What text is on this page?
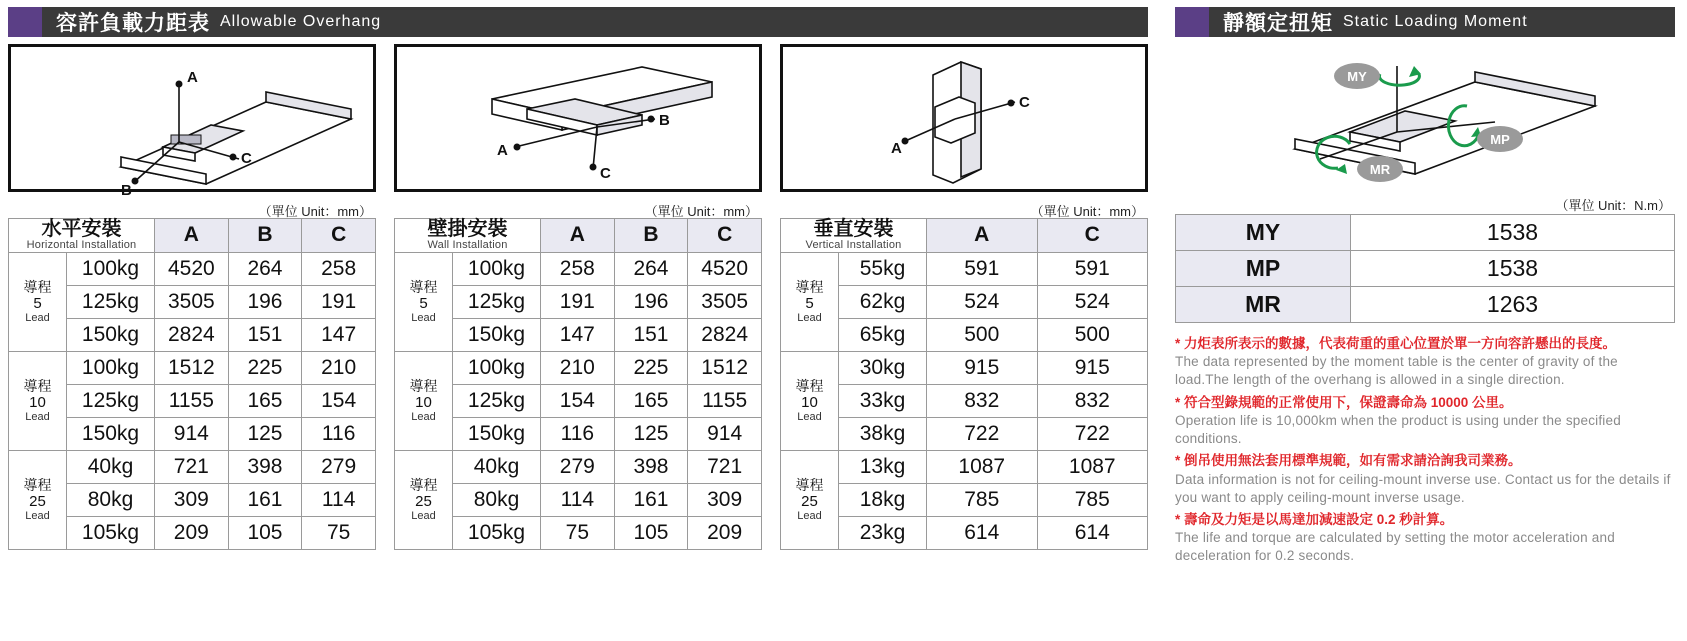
容許負載力距表 Allowable Overhang
A
C
B
A
B
C
A
C
（單位 Unit：mm）	（單位 Unit：mm）	（單位 Unit：mm）
水平安裝
Horizontal Installation		A	B	C

導程
5
Lead	100kg	4520	264	258
	125kg	3505	196	191
	150kg	2824	151	147

導程
10
Lead	100kg	1512	225	210
	125kg	1155	165	154
	150kg	914	125	116

導程
25
Lead	40kg	721	398	279
	80kg	309	161	114
	105kg	209	105	75
壁掛安裝
Wall Installation		A	B	C

導程
5
Lead	100kg	258	264	4520
	125kg	191	196	3505
	150kg	147	151	2824

導程
10
Lead	100kg	210	225	1512
	125kg	154	165	1155
	150kg	116	125	914

導程
25
Lead	40kg	279	398	721
	80kg	114	161	309
	105kg	75	105	209
垂直安裝
Vertical Installation		A	C

導程
5
Lead	55kg	591	591
	62kg	524	524
	65kg	500	500

導程
10
Lead	30kg	915	915
	33kg	832	832
	38kg	722	722

導程
25
Lead	13kg	1087	1087
	18kg	785	785
	23kg	614	614
靜額定扭矩 Static Loading Moment
MY
MP
MR
（單位 Unit：N.m）
MY	1538
MP	1538
MR	1263
* 力炬表所表示的數據，代表荷重的重心位置於單一方向容許懸出的長度。
The data represented by the moment table is the center of gravity of the load.The length of the overhang is allowed in a single direction.
* 符合型錄規範的正常使用下，保證壽命為 10000 公里。
Operation life is 10,000km when the product is using under the specified conditions.
* 倒吊使用無法套用標準規範，如有需求請洽詢我司業務。
Data information is not for ceiling-mount inverse use. Contact us for the details if you want to apply ceiling-mount inverse usage.
* 壽命及力矩是以馬達加減速設定 0.2 秒計算。
The life and torque are calculated by setting the motor acceleration and deceleration for 0.2 seconds.
